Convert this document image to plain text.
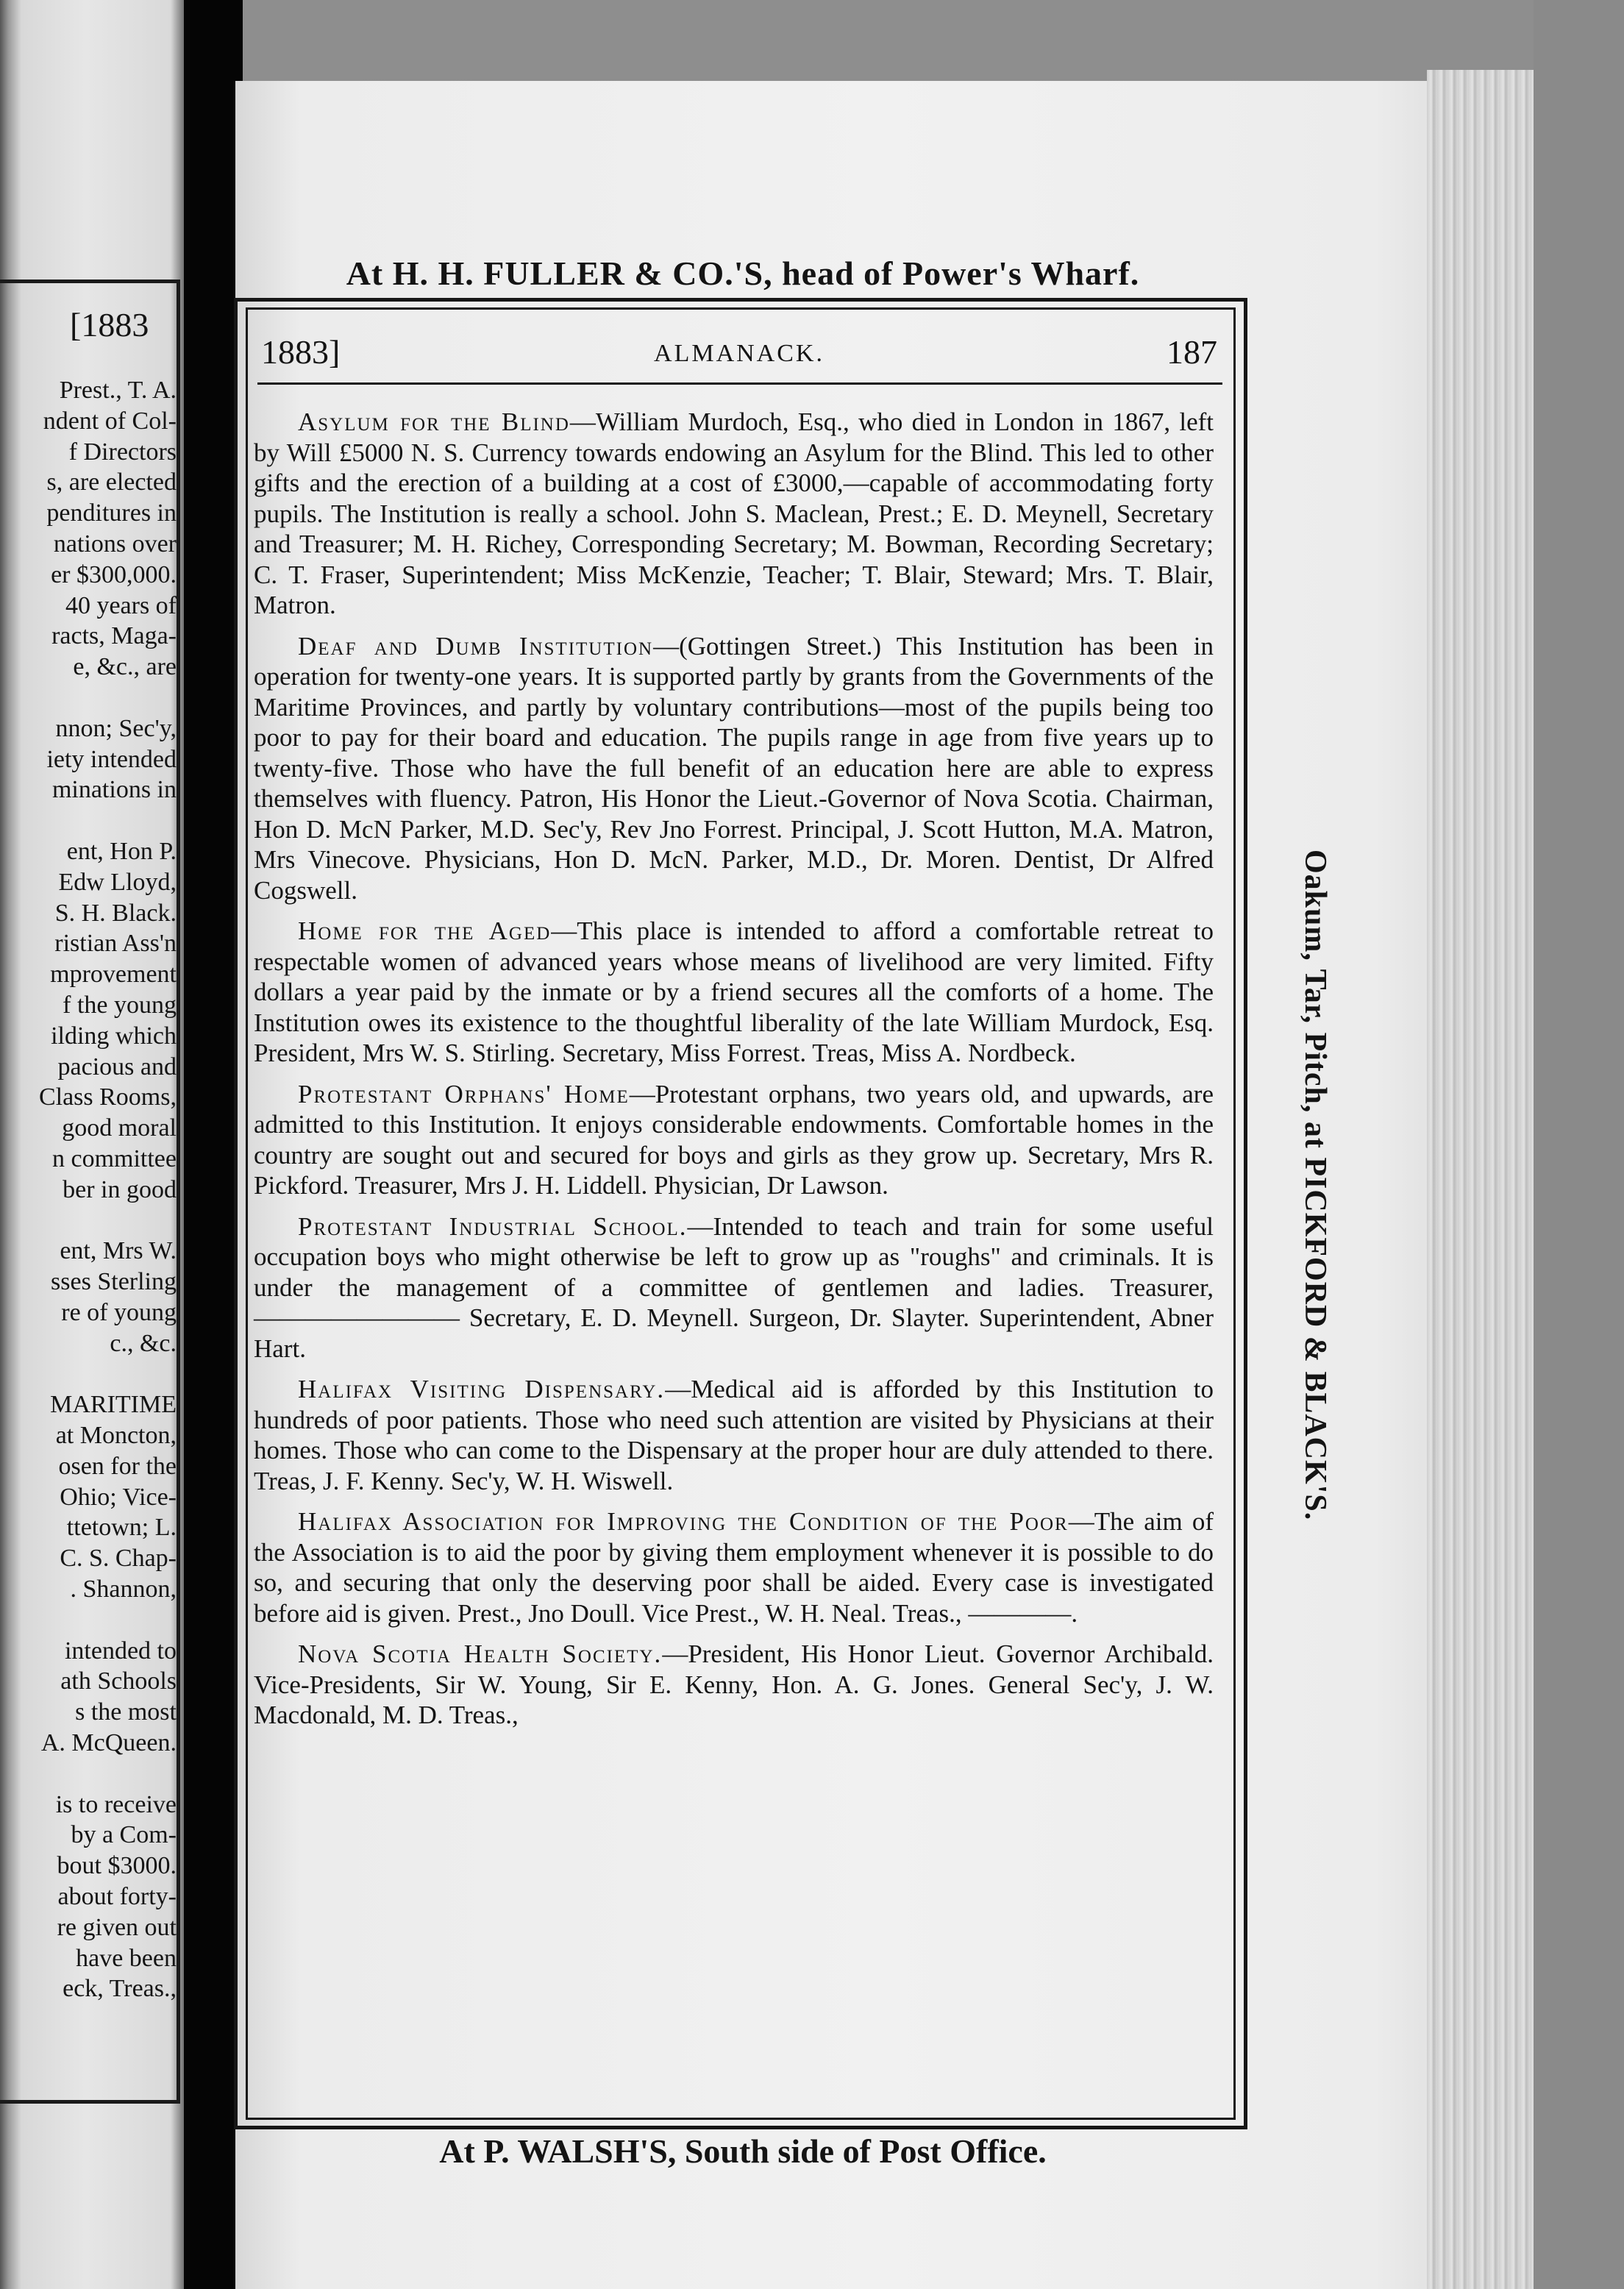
[1883
Prest., T. A.
ndent of Col-
f Directors
s, are elected
penditures in
nations over
er $300,000.
40 years of
racts, Maga-
e, &c., are

nnon; Sec'y,
iety intended
minations in

ent, Hon P.
Edw Lloyd,
S. H. Black.
ristian Ass'n
mprovement
f the young
ilding which
pacious and
Class Rooms,
good moral
n committee
ber in good

ent, Mrs W.
sses Sterling
re of young
c., &c.

MARITIME
at Moncton,
osen for the
Ohio; Vice-
ttetown; L.
C. S. Chap-
. Shannon,

intended to
ath Schools
s the most
A. McQueen.

is to receive
by a Com-
bout $3000.
about forty-
re given out
have been
eck, Treas.,
At H. H. FULLER & CO.'S, head of Power's Wharf.
1883]	ALMANACK.	187

Asylum for the Blind—William Murdoch, Esq., who died in London in 1867, left by Will £5000 N. S. Currency towards endowing an Asylum for the Blind. This led to other gifts and the erection of a building at a cost of £3000,—capable of accommodating forty pupils. The Institution is really a school. John S. Maclean, Prest.; E. D. Meynell, Secretary and Treasurer; M. H. Richey, Corresponding Secretary; M. Bowman, Recording Secretary; C. T. Fraser, Superintendent; Miss McKenzie, Teacher; T. Blair, Steward; Mrs. T. Blair, Matron.

Deaf and Dumb Institution—(Gottingen Street.) This Institution has been in operation for twenty-one years. It is supported partly by grants from the Governments of the Maritime Provinces, and partly by voluntary contributions—most of the pupils being too poor to pay for their board and education. The pupils range in age from five years up to twenty-five. Those who have the full benefit of an education here are able to express themselves with fluency. Patron, His Honor the Lieut.-Governor of Nova Scotia. Chairman, Hon D. McN Parker, M.D. Sec'y, Rev Jno Forrest. Principal, J. Scott Hutton, M.A. Matron, Mrs Vinecove. Physicians, Hon D. McN. Parker, M.D., Dr. Moren. Dentist, Dr Alfred Cogswell.

Home for the Aged—This place is intended to afford a comfortable retreat to respectable women of advanced years whose means of livelihood are very limited. Fifty dollars a year paid by the inmate or by a friend secures all the comforts of a home. The Institution owes its existence to the thoughtful liberality of the late William Murdock, Esq. President, Mrs W. S. Stirling. Secretary, Miss Forrest. Treas, Miss A. Nordbeck.

Protestant Orphans' Home—Protestant orphans, two years old, and upwards, are admitted to this Institution. It enjoys considerable endowments. Comfortable homes in the country are sought out and secured for boys and girls as they grow up. Secretary, Mrs R. Pickford. Treasurer, Mrs J. H. Liddell. Physician, Dr Lawson.

Protestant Industrial School.—Intended to teach and train for some useful occupation boys who might otherwise be left to grow up as "roughs" and criminals. It is under the management of a committee of gentlemen and ladies. Treasurer, ———————— Secretary, E. D. Meynell. Surgeon, Dr. Slayter. Superintendent, Abner Hart.

Halifax Visiting Dispensary.—Medical aid is afforded by this Institution to hundreds of poor patients. Those who need such attention are visited by Physicians at their homes. Those who can come to the Dispensary at the proper hour are duly attended to there. Treas, J. F. Kenny. Sec'y, W. H. Wiswell.

Halifax Association for Improving the Condition of the Poor—The aim of the Association is to aid the poor by giving them employment whenever it is possible to do so, and securing that only the deserving poor shall be aided. Every case is investigated before aid is given. Prest., Jno Doull. Vice Prest., W. H. Neal. Treas., ————.

Nova Scotia Health Society.—President, His Honor Lieut. Governor Archibald. Vice-Presidents, Sir W. Young, Sir E. Kenny, Hon. A. G. Jones. General Sec'y, J. W. Macdonald, M. D. Treas.,

Oakum, Tar, Pitch, at PICKFORD & BLACK'S.
At P. WALSH'S, South side of Post Office.
